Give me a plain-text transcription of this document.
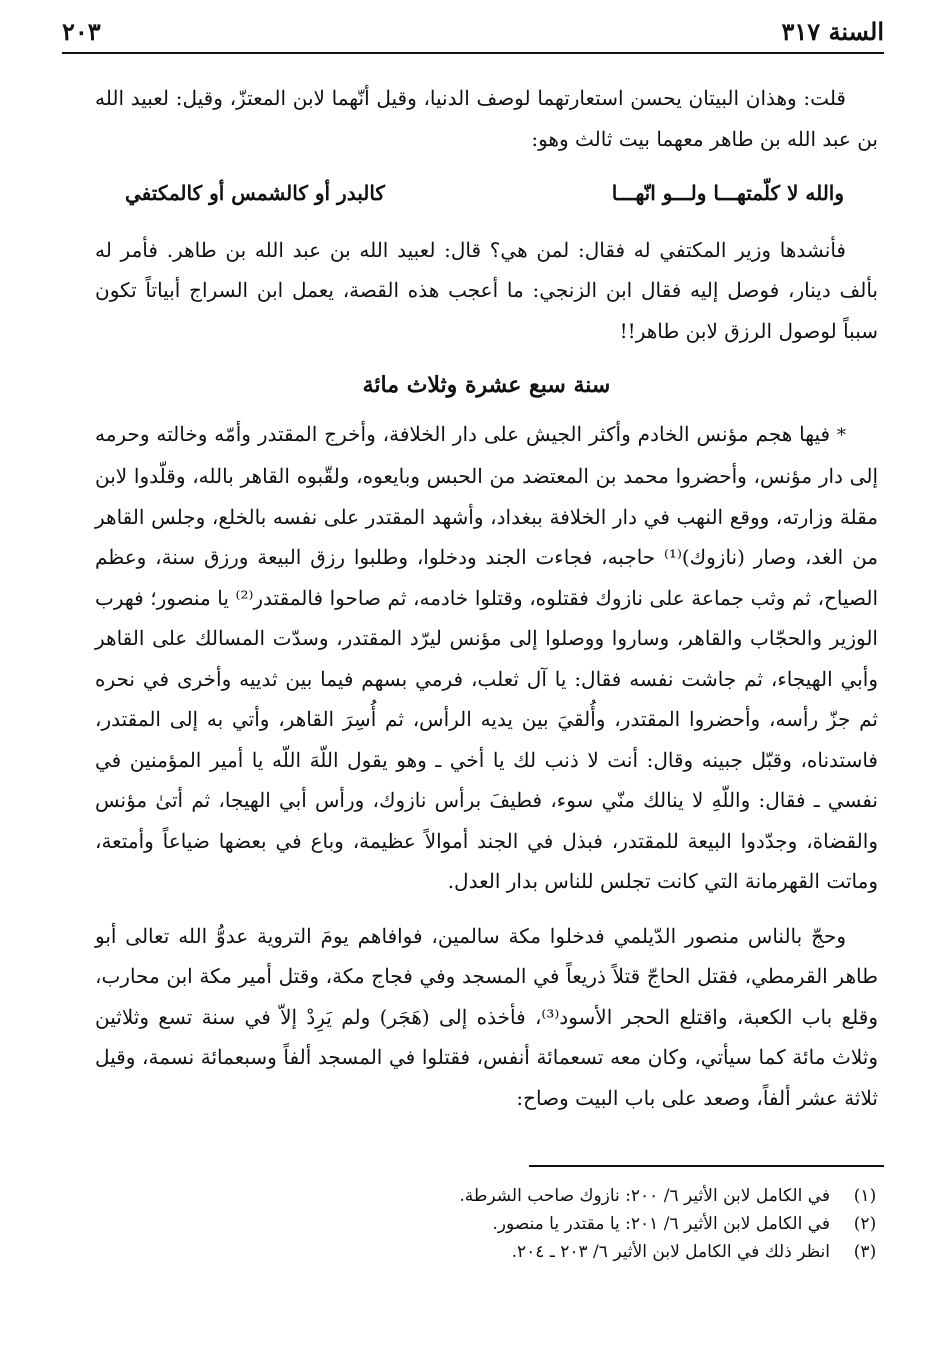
السنة ٣١٧
٢٠٣

قلت: وهذان البيتان يحسن استعارتهما لوصف الدنيا، وقيل أنّهما لابن المعتزّ، وقيل: لعبيد الله بن عبد الله بن طاهر معهما بيت ثالث وهو:

والله لا كلّمتهـــا ولـــو انّهـــا
كالبدر أو كالشمس أو كالمكتفي

فأنشدها وزير المكتفي له فقال: لمن هي؟ قال: لعبيد الله بن عبد الله بن طاهر. فأمر له بألف دينار، فوصل إليه فقال ابن الزنجي: ما أعجب هذه القصة، يعمل ابن السراج أبياتاً تكون سبباً لوصول الرزق لابن طاهر!!

سنة سبع عشرة وثلاث مائة

* فيها هجم مؤنس الخادم وأكثر الجيش على دار الخلافة، وأخرج المقتدر وأمّه وخالته وحرمه إلى دار مؤنس، وأحضروا محمد بن المعتضد من الحبس وبايعوه، ولقّبوه القاهر بالله، وقلّدوا لابن مقلة وزارته، ووقع النهب في دار الخلافة ببغداد، وأشهد المقتدر على نفسه بالخلع، وجلس القاهر من الغد، وصار (نازوك)⁽¹⁾ حاجبه، فجاءت الجند ودخلوا، وطلبوا رزق البيعة ورزق سنة، وعظم الصياح، ثم وثب جماعة على نازوك فقتلوه، وقتلوا خادمه، ثم صاحوا فالمقتدر⁽²⁾ يا منصور؛ فهرب الوزير والحجّاب والقاهر، وساروا ووصلوا إلى مؤنس ليرّد المقتدر، وسدّت المسالك على القاهر وأبي الهيجاء، ثم جاشت نفسه فقال: يا آل ثعلب، فرمي بسهم فيما بين ثدييه وأخرى في نحره ثم جزّ رأسه، وأحضروا المقتدر، وأُلقيَ بين يديه الرأس، ثم أُسِرَ القاهر، وأتي به إلى المقتدر، فاستدناه، وقبّل جبينه وقال: أنت لا ذنب لك يا أخي ـ وهو يقول اللّهَ اللّه يا أمير المؤمنين في نفسي ـ فقال: واللّهِ لا ينالك منّي سوء، فطيفَ برأس نازوك، ورأس أبي الهيجا، ثم أتىٰ مؤنس والقضاة، وجدّدوا البيعة للمقتدر، فبذل في الجند أموالاً عظيمة، وباع في بعضها ضياعاً وأمتعة، وماتت القهرمانة التي كانت تجلس للناس بدار العدل.

وحجّ بالناس منصور الدّيلمي فدخلوا مكة سالمين، فوافاهم يومَ التروية عدوُّ الله تعالى أبو طاهر القرمطي، فقتل الحاجّ قتلاً ذريعاً في المسجد وفي فجاج مكة، وقتل أمير مكة ابن محارب، وقلع باب الكعبة، واقتلع الحجر الأسود⁽³⁾، فأخذه إلى (هَجَر) ولم يَرِدْ إلاّ في سنة تسع وثلاثين وثلاث مائة كما سيأتي، وكان معه تسعمائة أنفس، فقتلوا في المسجد ألفاً وسبعمائة نسمة، وقيل ثلاثة عشر ألفاً، وصعد على باب البيت وصاح:

(١)
في الكامل لابن الأثير ٦/ ٢٠٠: نازوك صاحب الشرطة.
(٢)
في الكامل لابن الأثير ٦/ ٢٠١: يا مقتدر يا منصور.
(٣)
انظر ذلك في الكامل لابن الأثير ٦/ ٢٠٣ ـ ٢٠٤.
